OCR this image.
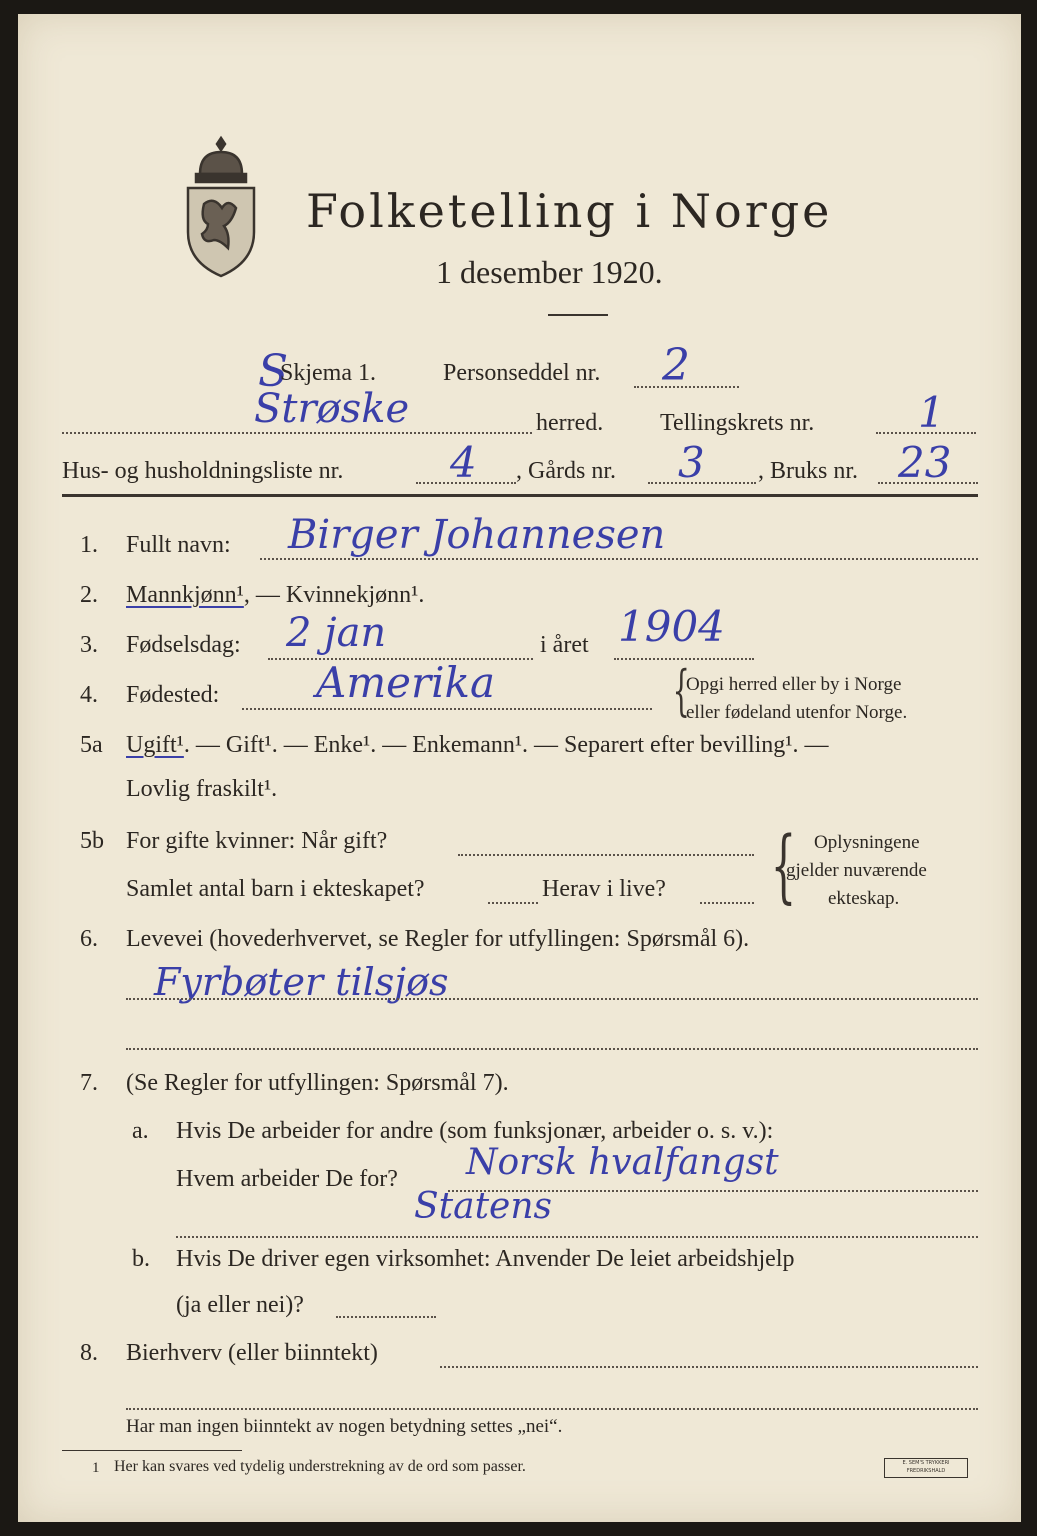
Folketelling i Norge
1 desember 1920.
S
Skjema 1.	Personseddel nr. 2
Strøske	herred. Tellingskrets nr. 1
Hus- og husholdningsliste nr.	4 , Gårds nr. 3 , Bruks nr. 23
1. Fullt navn: Birger Johannesen
2. Mannkjønn¹, — Kvinnekjønn¹.
3. Fødselsdag: 2 jan	i året 1904
4. Fødested: Amerika	{
Opgi herred eller by i Norge
eller fødeland utenfor Norge.
5a Ugift¹. — Gift¹. — Enke¹. — Enkemann¹. — Separert efter bevilling¹. —
Lovlig fraskilt¹.
5b For gifte kvinner: Når gift?
Samlet antal barn i ekteskapet?	Herav i live? { Oplysningene
gjelder nuværende
ekteskap.
6. Levevei (hovederhvervet, se Regler for utfyllingen: Spørsmål 6).
Fyrbøter tilsjøs
7. (Se Regler for utfyllingen: Spørsmål 7).
a. Hvis De arbeider for andre (som funksjonær, arbeider o. s. v.):
Hvem arbeider De for? Norsk hvalfangst
Statens
b. Hvis De driver egen virksomhet: Anvender De leiet arbeidshjelp
(ja eller nei)?
8. Bierhverv (eller biinntekt)
Har man ingen biinntekt av nogen betydning settes „nei“.
1 Her kan svares ved tydelig understrekning av de ord som passer.	E. SEM'S TRYKKERI FREDRIKSHALD
